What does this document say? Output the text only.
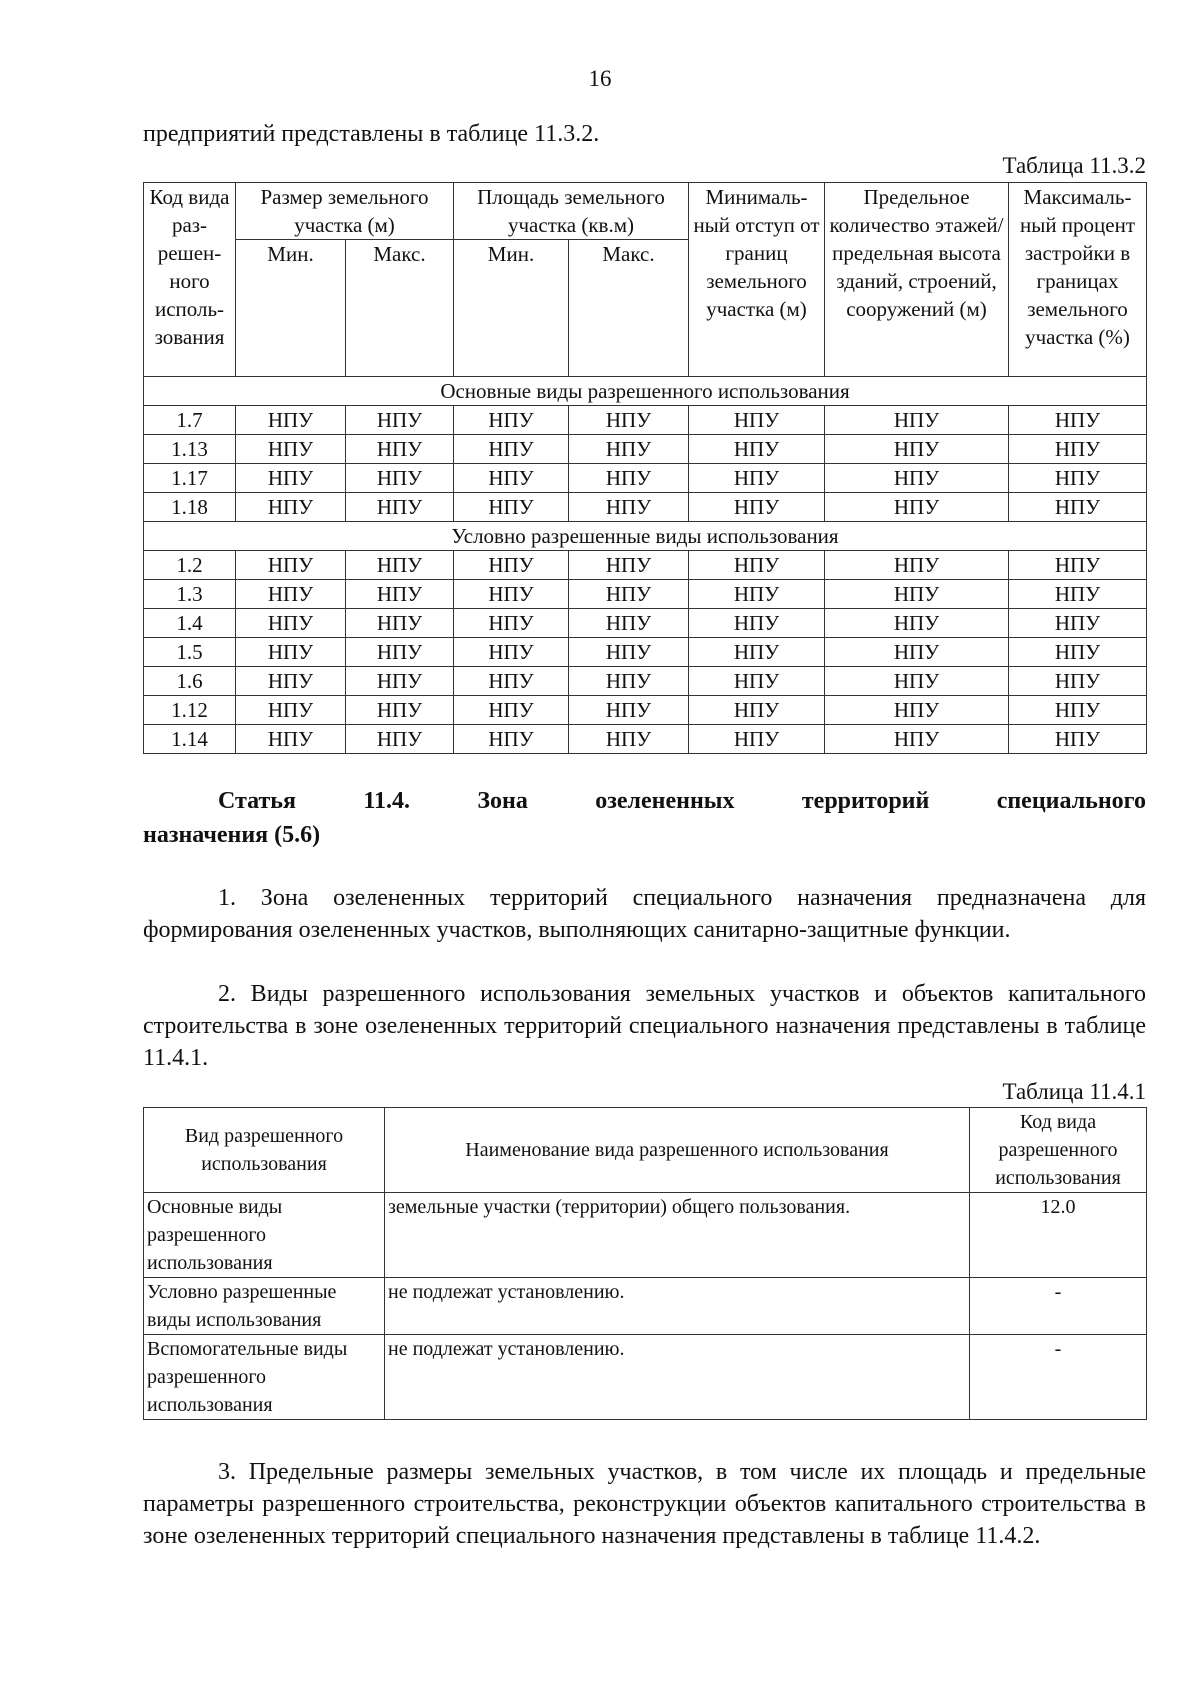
16
предприятий представлены в таблице 11.3.2.
Таблица 11.3.2
Код вида раз- решен- ного исполь- зования	Размер земельного участка (м)		Площадь земельного участка (кв.м)		Минималь- ный отступ от границ земельного участка (м)	Предельное количество этажей/ предельная высота зданий, строений, сооружений (м)	Максималь- ный процент застройки в границах земельного участка (%)
	Мин.	Макс.	Мин.	Макс.			
Основные виды разрешенного использования							
1.7	НПУ	НПУ	НПУ	НПУ	НПУ	НПУ	НПУ
1.13	НПУ	НПУ	НПУ	НПУ	НПУ	НПУ	НПУ
1.17	НПУ	НПУ	НПУ	НПУ	НПУ	НПУ	НПУ
1.18	НПУ	НПУ	НПУ	НПУ	НПУ	НПУ	НПУ
Условно разрешенные виды использования							
1.2	НПУ	НПУ	НПУ	НПУ	НПУ	НПУ	НПУ
1.3	НПУ	НПУ	НПУ	НПУ	НПУ	НПУ	НПУ
1.4	НПУ	НПУ	НПУ	НПУ	НПУ	НПУ	НПУ
1.5	НПУ	НПУ	НПУ	НПУ	НПУ	НПУ	НПУ
1.6	НПУ	НПУ	НПУ	НПУ	НПУ	НПУ	НПУ
1.12	НПУ	НПУ	НПУ	НПУ	НПУ	НПУ	НПУ
1.14	НПУ	НПУ	НПУ	НПУ	НПУ	НПУ	НПУ
Статья	11.4.	Зона	озелененных	территорий	специального
назначения (5.6)
1. Зона озелененных территорий специального назначения предназначена для формирования озелененных участков, выполняющих санитарно-защитные функции.
2. Виды разрешенного использования земельных участков и объектов капитального строительства в зоне озелененных территорий специального назначения представлены в таблице 11.4.1.
Таблица 11.4.1
Вид разрешенного использования	Наименование вида разрешенного использования	Код вида разрешенного использования
Основные виды разрешенного использования	земельные участки (территории) общего пользования.	12.0
Условно разрешенные виды использования	не подлежат установлению.	-
Вспомогательные виды разрешенного использования	не подлежат установлению.	-
3. Предельные размеры земельных участков, в том числе их площадь и предельные параметры разрешенного строительства, реконструкции объектов капитального строительства в зоне озелененных территорий специального назначения представлены в таблице 11.4.2.
